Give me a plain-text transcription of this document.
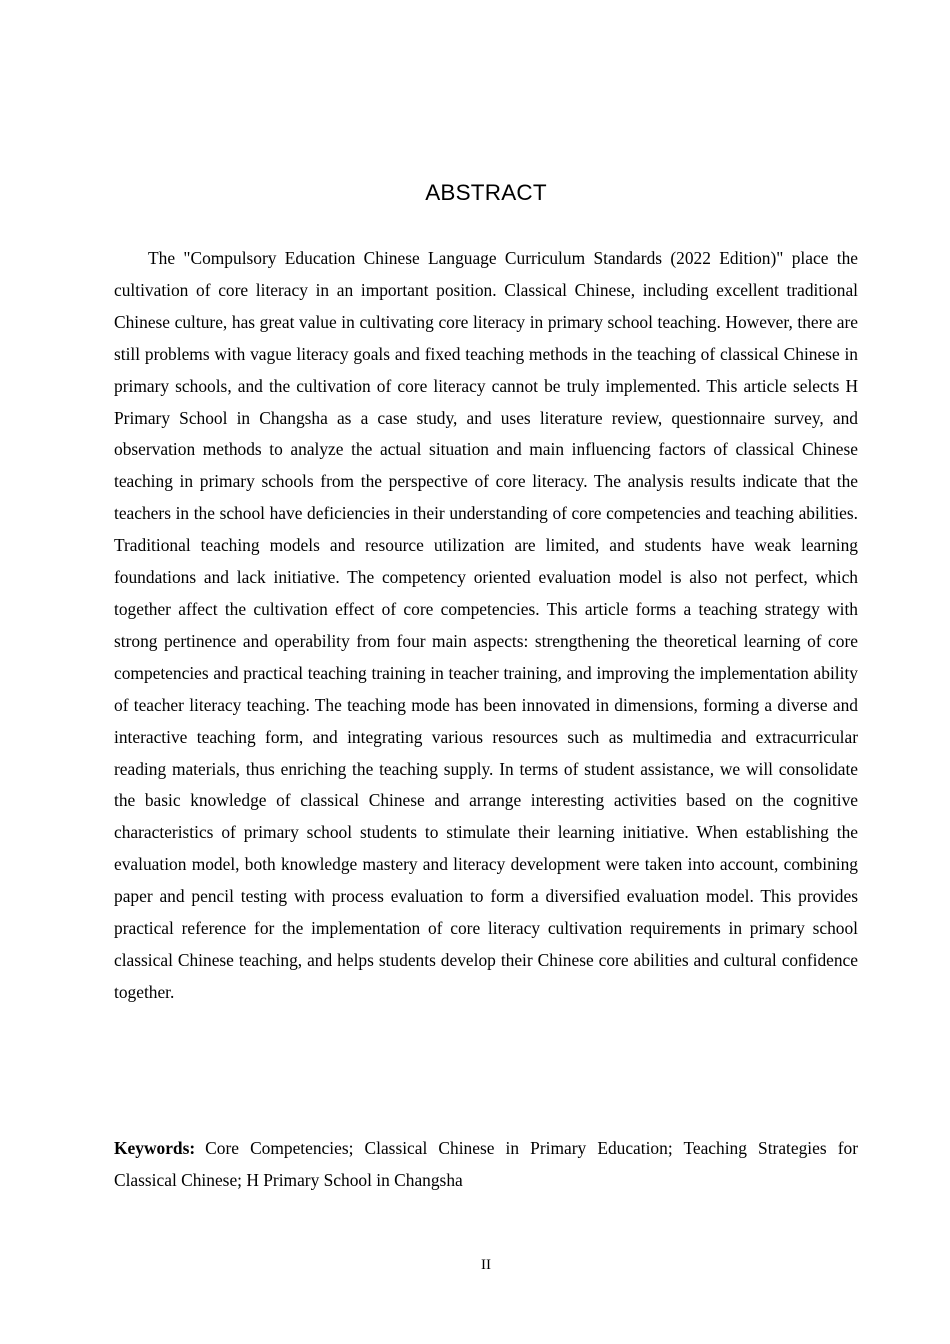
ABSTRACT

The "Compulsory Education Chinese Language Curriculum Standards (2022 Edition)" place the cultivation of core literacy in an important position. Classical Chinese, including excellent traditional Chinese culture, has great value in cultivating core literacy in primary school teaching. However, there are still problems with vague literacy goals and fixed teaching methods in the teaching of classical Chinese in primary schools, and the cultivation of core literacy cannot be truly implemented. This article selects H Primary School in Changsha as a case study, and uses literature review, questionnaire survey, and observation methods to analyze the actual situation and main influencing factors of classical Chinese teaching in primary schools from the perspective of core literacy. The analysis results indicate that the teachers in the school have deficiencies in their understanding of core competencies and teaching abilities. Traditional teaching models and resource utilization are limited, and students have weak learning foundations and lack initiative. The competency oriented evaluation model is also not perfect, which together affect the cultivation effect of core competencies. This article forms a teaching strategy with strong pertinence and operability from four main aspects: strengthening the theoretical learning of core competencies and practical teaching training in teacher training, and improving the implementation ability of teacher literacy teaching. The teaching mode has been innovated in dimensions, forming a diverse and interactive teaching form, and integrating various resources such as multimedia and extracurricular reading materials, thus enriching the teaching supply. In terms of student assistance, we will consolidate the basic knowledge of classical Chinese and arrange interesting activities based on the cognitive characteristics of primary school students to stimulate their learning initiative. When establishing the evaluation model, both knowledge mastery and literacy development were taken into account, combining paper and pencil testing with process evaluation to form a diversified evaluation model. This provides practical reference for the implementation of core literacy cultivation requirements in primary school classical Chinese teaching, and helps students develop their Chinese core abilities and cultural confidence together.

Keywords: Core Competencies; Classical Chinese in Primary Education; Teaching Strategies for Classical Chinese; H Primary School in Changsha

II
